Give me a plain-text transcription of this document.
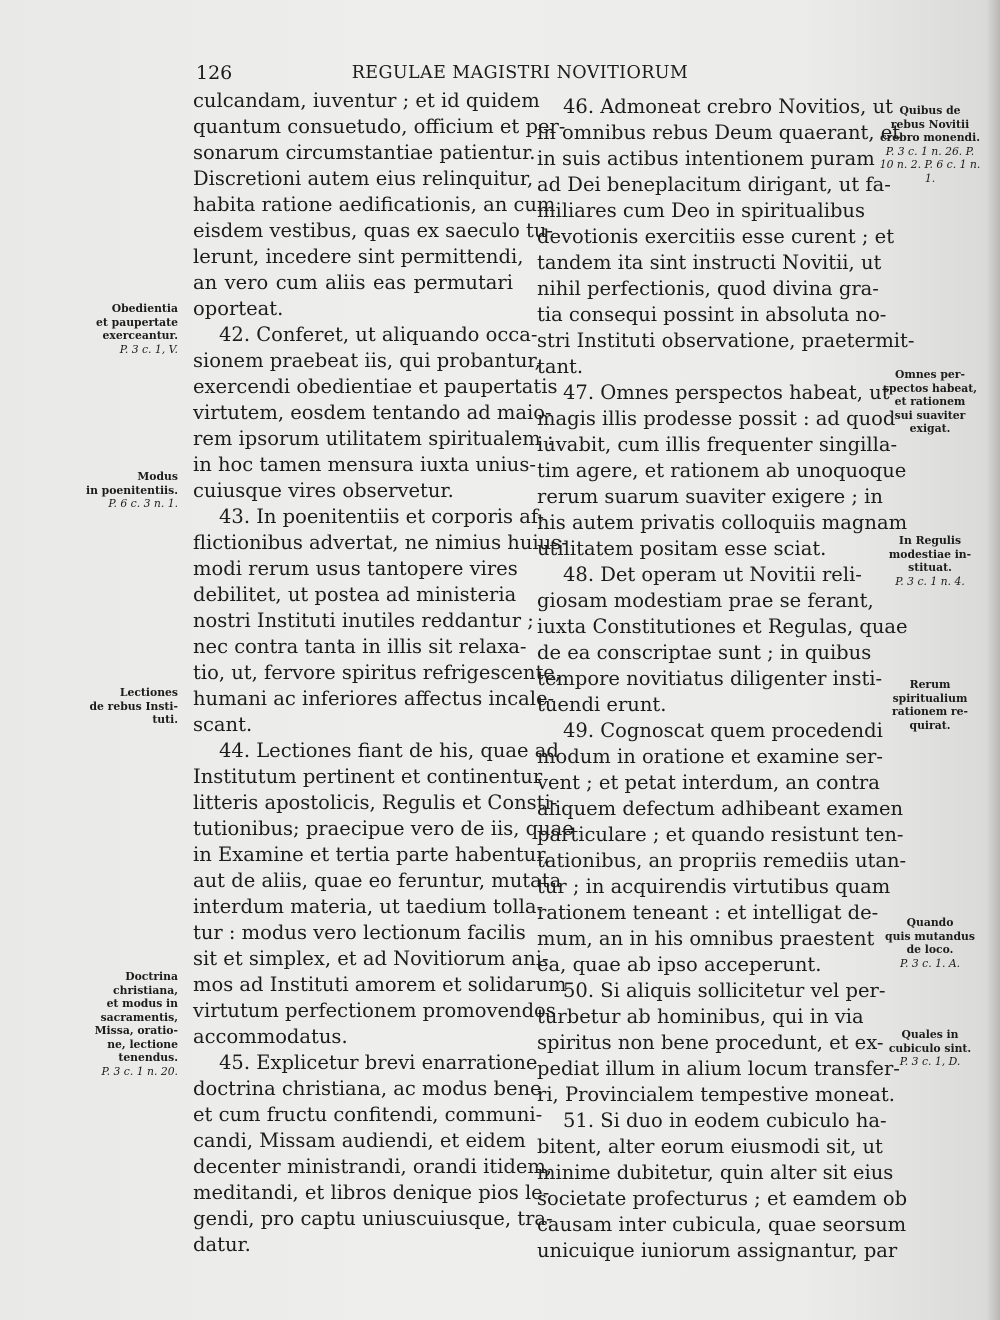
126	REGULAE MAGISTRI NOVITIORUM
culcandam, iuventur ; et id quidem
quantum consuetudo, officium et per-
sonarum circumstantiae patientur.
Discretioni autem eius relinquitur,
habita ratione aedificationis, an cum
eisdem vestibus, quas ex saeculo tu-
lerunt, incedere sint permittendi,
an vero cum aliis eas permutari
oporteat.
42. Conferet, ut aliquando occa-
sionem praebeat iis, qui probantur,
exercendi obedientiae et paupertatis
virtutem, eosdem tentando ad maio-
rem ipsorum utilitatem spiritualem :
in hoc tamen mensura iuxta unius-
cuiusque vires observetur.
43. In poenitentiis et corporis af-
flictionibus advertat, ne nimius huius-
modi rerum usus tantopere vires
debilitet, ut postea ad ministeria
nostri Instituti inutiles reddantur ;
nec contra tanta in illis sit relaxa-
tio, ut, fervore spiritus refrigescente,
humani ac inferiores affectus incale-
scant.
44. Lectiones fiant de his, quae ad
Institutum pertinent et continentur
litteris apostolicis, Regulis et Consti-
tutionibus; praecipue vero de iis, quae
in Examine et tertia parte habentur,
aut de aliis, quae eo feruntur, mutata
interdum materia, ut taedium tolla-
tur : modus vero lectionum facilis
sit et simplex, et ad Novitiorum ani-
mos ad Instituti amorem et solidarum
virtutum perfectionem promovendos
accommodatus.
45. Explicetur brevi enarratione
doctrina christiana, ac modus bene
et cum fructu confitendi, communi-
candi, Missam audiendi, et eidem
decenter ministrandi, orandi itidem,
meditandi, et libros denique pios le-
gendi, pro captu uniuscuiusque, tra-
datur.
46. Admoneat crebro Novitios, ut
in omnibus rebus Deum quaerant, et
in suis actibus intentionem puram
ad Dei beneplacitum dirigant, ut fa-
miliares cum Deo in spiritualibus
devotionis exercitiis esse curent ; et
tandem ita sint instructi Novitii, ut
nihil perfectionis, quod divina gra-
tia consequi possint in absoluta no-
stri Instituti observatione, praetermit-
tant.
47. Omnes perspectos habeat, ut
magis illis prodesse possit : ad quod
iuvabit, cum illis frequenter singilla-
tim agere, et rationem ab unoquoque
rerum suarum suaviter exigere ; in
his autem privatis colloquiis magnam
utilitatem positam esse sciat.
48. Det operam ut Novitii reli-
giosam modestiam prae se ferant,
iuxta Constitutiones et Regulas, quae
de ea conscriptae sunt ; in quibus
tempore novitiatus diligenter insti-
tuendi erunt.
49. Cognoscat quem procedendi
modum in oratione et examine ser-
vent ; et petat interdum, an contra
aliquem defectum adhibeant examen
particulare ; et quando resistunt ten-
tationibus, an propriis remediis utan-
tur ; in acquirendis virtutibus quam
rationem teneant : et intelligat de-
mum, an in his omnibus praestent
ea, quae ab ipso acceperunt.
50. Si aliquis sollicitetur vel per-
turbetur ab hominibus, qui in via
spiritus non bene procedunt, et ex-
pediat illum in alium locum transfer-
ri, Provincialem tempestive moneat.
51. Si duo in eodem cubiculo ha-
bitent, alter eorum eiusmodi sit, ut
minime dubitetur, quin alter sit eius
societate profecturus ; et eamdem ob
causam inter cubicula, quae seorsum
unicuique iuniorum assignantur, par
Obedientia
et paupertate
exerceantur.
P. 3 c. 1, V.
Modus
in poenitentiis.
P. 6 c. 3 n. 1.
Lectiones
de rebus Insti-
tuti.
Doctrina
christiana,
et modus in
sacramentis,
Missa, oratio-
ne, lectione
tenendus.
P. 3 c. 1 n. 20.
Quibus de
rebus Novitii
crebro monendi.
P. 3 c. 1 n. 26. P. 10 n. 2. P. 6 c. 1 n. 1.
Omnes per-
spectos habeat,
et rationem
sui suaviter
exigat.
In Regulis
modestiae in-
stituat.
P. 3 c. 1 n. 4.
Rerum
spiritualium
rationem re-
quirat.
Quando
quis mutandus
de loco.
P. 3 c. 1. A.
Quales in
cubiculo sint.
P. 3 c. 1, D.
